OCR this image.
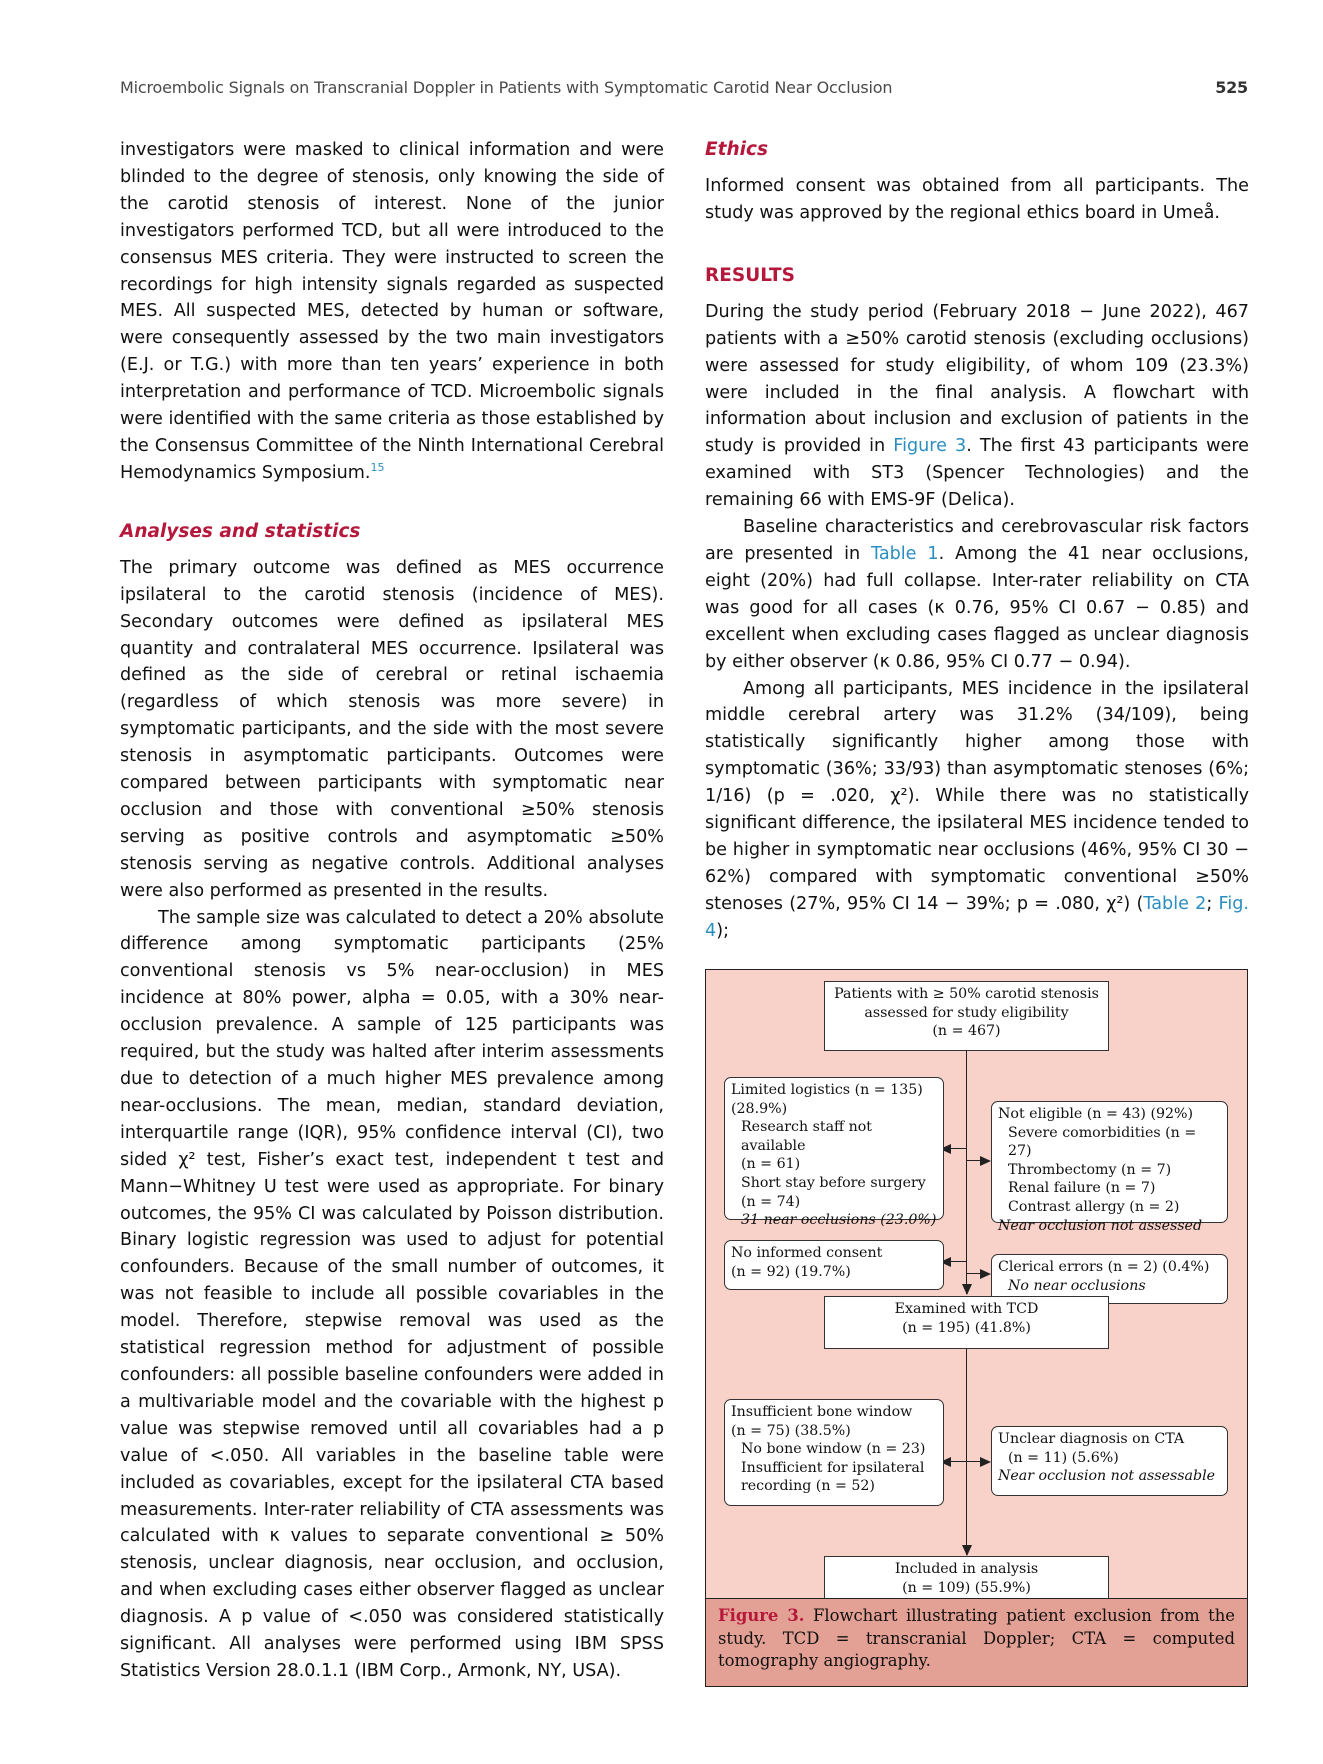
Microembolic Signals on Transcranial Doppler in Patients with Symptomatic Carotid Near Occlusion	525

investigators were masked to clinical information and were blinded to the degree of stenosis, only knowing the side of the carotid stenosis of interest. None of the junior investigators performed TCD, but all were introduced to the consensus MES criteria. They were instructed to screen the recordings for high intensity signals regarded as suspected MES. All suspected MES, detected by human or software, were consequently assessed by the two main investigators (E.J. or T.G.) with more than ten years’ experience in both interpretation and performance of TCD. Microembolic signals were identified with the same criteria as those established by the Consensus Committee of the Ninth International Cerebral Hemodynamics Symposium.$^{15}$

Analyses and statistics

The primary outcome was defined as MES occurrence ipsilateral to the carotid stenosis (incidence of MES). Secondary outcomes were defined as ipsilateral MES quantity and contralateral MES occurrence. Ipsilateral was defined as the side of cerebral or retinal ischaemia (regardless of which stenosis was more severe) in symptomatic participants, and the side with the most severe stenosis in asymptomatic participants. Outcomes were compared between participants with symptomatic near occlusion and those with conventional ≥50% stenosis serving as positive controls and asymptomatic ≥50% stenosis serving as negative controls. Additional analyses were also performed as presented in the results.

The sample size was calculated to detect a 20% absolute difference among symptomatic participants (25% conventional stenosis vs 5% near-occlusion) in MES incidence at 80% power, alpha = 0.05, with a 30% near-occlusion prevalence. A sample of 125 participants was required, but the study was halted after interim assessments due to detection of a much higher MES prevalence among near-occlusions. The mean, median, standard deviation, interquartile range (IQR), 95% confidence interval (CI), two sided χ² test, Fisher’s exact test, independent t test and Mann−Whitney U test were used as appropriate. For binary outcomes, the 95% CI was calculated by Poisson distribution. Binary logistic regression was used to adjust for potential confounders. Because of the small number of outcomes, it was not feasible to include all possible covariables in the model. Therefore, stepwise removal was used as the statistical regression method for adjustment of possible confounders: all possible baseline confounders were added in a multivariable model and the covariable with the highest p value was stepwise removed until all covariables had a p value of <.050. All variables in the baseline table were included as covariables, except for the ipsilateral CTA based measurements. Inter-rater reliability of CTA assessments was calculated with κ values to separate conventional ≥ 50% stenosis, unclear diagnosis, near occlusion, and occlusion, and when excluding cases either observer flagged as unclear diagnosis. A p value of <.050 was considered statistically significant. All analyses were performed using IBM SPSS Statistics Version 28.0.1.1 (IBM Corp., Armonk, NY, USA).

Ethics

Informed consent was obtained from all participants. The study was approved by the regional ethics board in Umeå.

RESULTS

During the study period (February 2018 − June 2022), 467 patients with a ≥50% carotid stenosis (excluding occlusions) were assessed for study eligibility, of whom 109 (23.3%) were included in the final analysis. A flowchart with information about inclusion and exclusion of patients in the study is provided in Figure 3. The first 43 participants were examined with ST3 (Spencer Technologies) and the remaining 66 with EMS-9F (Delica).

Baseline characteristics and cerebrovascular risk factors are presented in Table 1. Among the 41 near occlusions, eight (20%) had full collapse. Inter-rater reliability on CTA was good for all cases (κ 0.76, 95% CI 0.67 − 0.85) and excellent when excluding cases flagged as unclear diagnosis by either observer (κ 0.86, 95% CI 0.77 − 0.94).

Among all participants, MES incidence in the ipsilateral middle cerebral artery was 31.2% (34/109), being statistically significantly higher among those with symptomatic (36%; 33/93) than asymptomatic stenoses (6%; 1/16) (p = .020, χ²). While there was no statistically significant difference, the ipsilateral MES incidence tended to be higher in symptomatic near occlusions (46%, 95% CI 30 − 62%) compared with symptomatic conventional ≥50% stenoses (27%, 95% CI 14 − 39%; p = .080, χ²) (Table 2; Fig. 4);

Patients with ≥ 50% carotid stenosis
assessed for study eligibility
(n = 467)
Limited logistics (n = 135)
(28.9%)
Research staff not available
(n = 61)
Short stay before surgery
(n = 74)
31 near occlusions (23.0%)
Not eligible (n = 43) (92%)
Severe comorbidities (n = 27)
Thrombectomy (n = 7)
Renal failure (n = 7)
Contrast allergy (n = 2)
Near occlusion not assessed
No informed consent
(n = 92) (19.7%)	Clerical errors (n = 2) (0.4%)
No near occlusions
Examined with TCD
(n = 195) (41.8%)
Insufficient bone window
(n = 75) (38.5%)
No bone window (n = 23)
Insufficient for ipsilateral
recording (n = 52)
Unclear diagnosis on CTA
(n = 11) (5.6%)
Near occlusion not assessable
Included in analysis
(n = 109) (55.9%)
Figure 3. Flowchart illustrating patient exclusion from the study. TCD = transcranial Doppler; CTA = computed tomography angiography.
